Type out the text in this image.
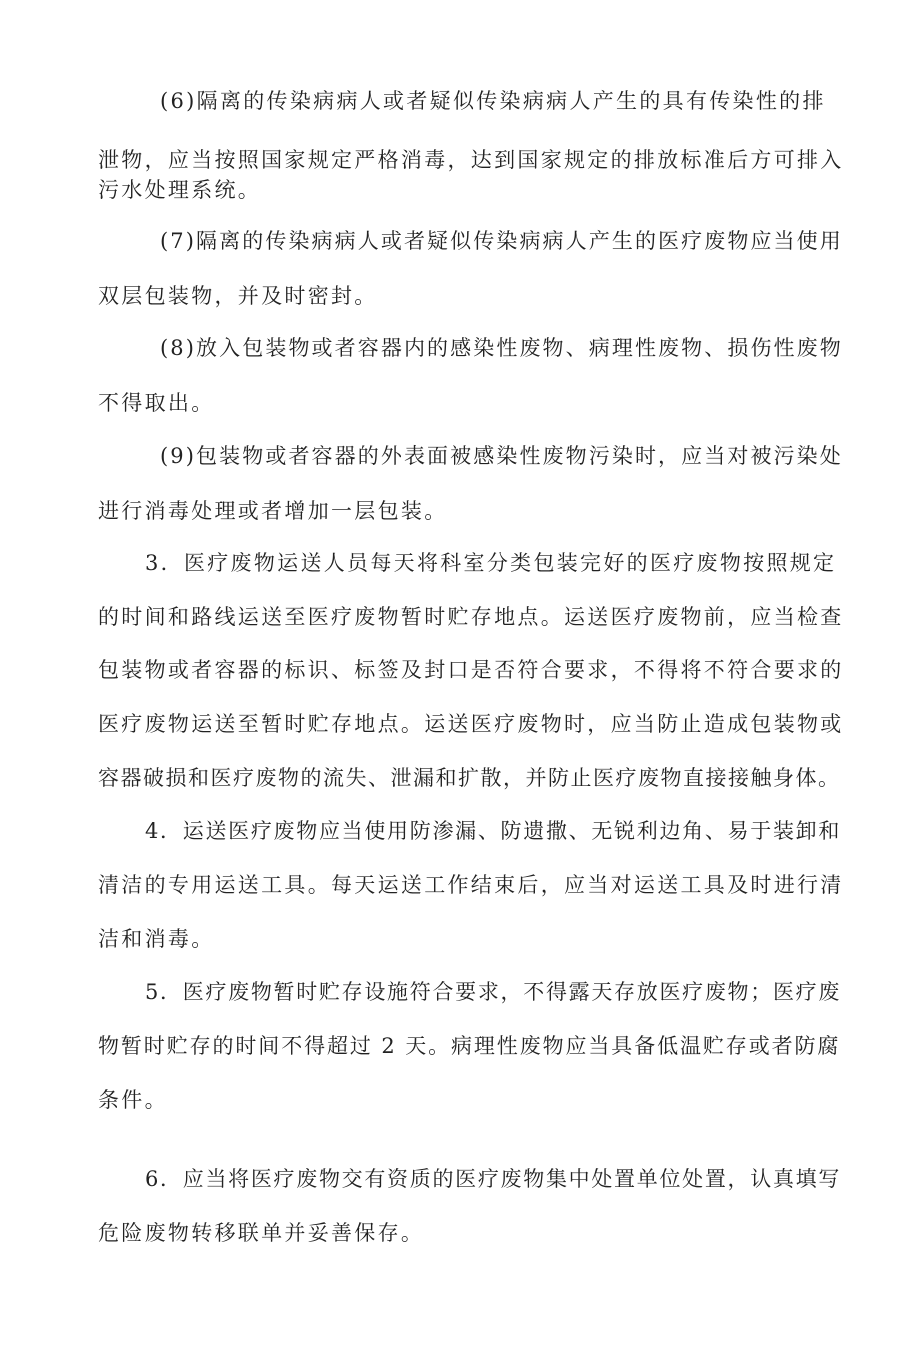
(6)隔离的传染病病人或者疑似传染病病人产生的具有传染性的排
泄物，应当按照国家规定严格消毒，达到国家规定的排放标准后方可排入
污水处理系统。
(7)隔离的传染病病人或者疑似传染病病人产生的医疗废物应当使用
双层包装物，并及时密封。
(8)放入包装物或者容器内的感染性废物、病理性废物、损伤性废物
不得取出。
(9)包装物或者容器的外表面被感染性废物污染时，应当对被污染处
进行消毒处理或者增加一层包装。
3．医疗废物运送人员每天将科室分类包装完好的医疗废物按照规定
的时间和路线运送至医疗废物暂时贮存地点。运送医疗废物前，应当检查
包装物或者容器的标识、标签及封口是否符合要求，不得将不符合要求的
医疗废物运送至暂时贮存地点。运送医疗废物时，应当防止造成包装物或
容器破损和医疗废物的流失、泄漏和扩散，并防止医疗废物直接接触身体。
4．运送医疗废物应当使用防渗漏、防遗撒、无锐利边角、易于装卸和
清洁的专用运送工具。每天运送工作结束后，应当对运送工具及时进行清
洁和消毒。
5．医疗废物暂时贮存设施符合要求，不得露天存放医疗废物；医疗废
物暂时贮存的时间不得超过 2 天。病理性废物应当具备低温贮存或者防腐
条件。
6．应当将医疗废物交有资质的医疗废物集中处置单位处置，认真填写
危险废物转移联单并妥善保存。
